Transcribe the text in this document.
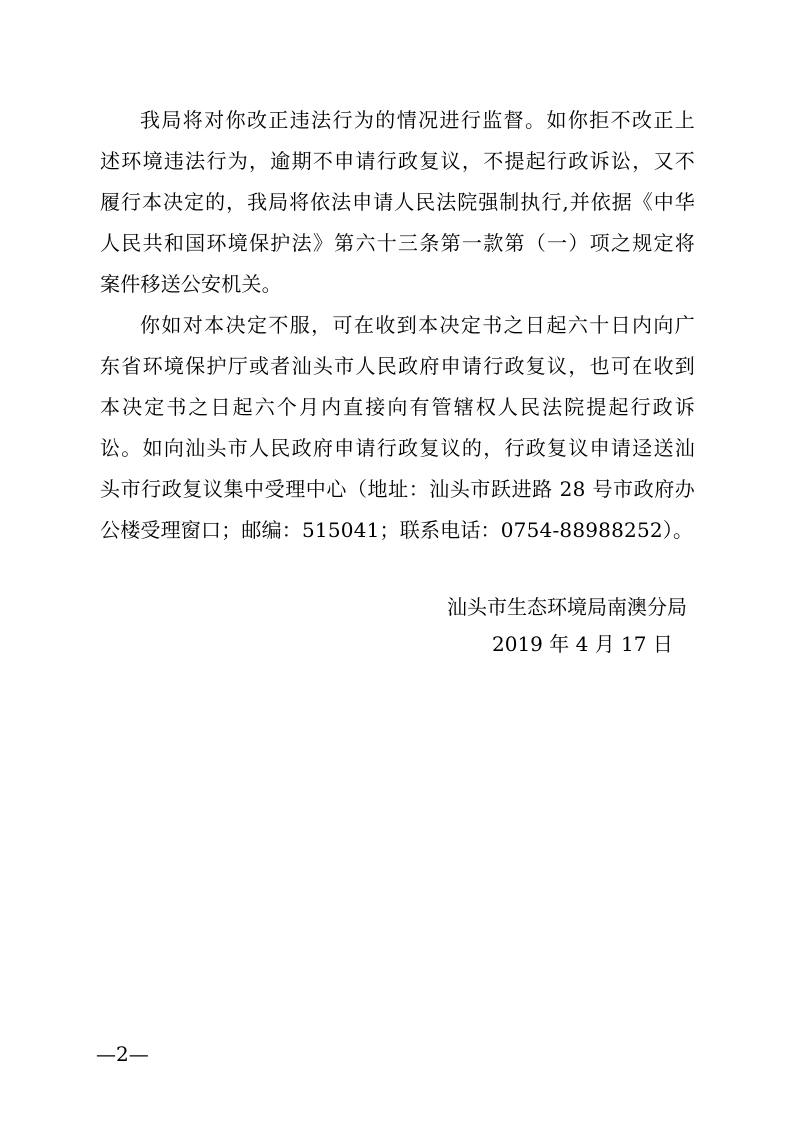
我局将对你改正违法行为的情况进行监督。如你拒不改正上
述环境违法行为，逾期不申请行政复议，不提起行政诉讼，又不
履行本决定的，我局将依法申请人民法院强制执行,并依据《中华
人民共和国环境保护法》第六十三条第一款第（一）项之规定将
案件移送公安机关。
你如对本决定不服，可在收到本决定书之日起六十日内向广
东省环境保护厅或者汕头市人民政府申请行政复议，也可在收到
本决定书之日起六个月内直接向有管辖权人民法院提起行政诉
讼。如向汕头市人民政府申请行政复议的，行政复议申请迳送汕
头市行政复议集中受理中心（地址：汕头市跃进路 28 号市政府办
公楼受理窗口；邮编：515041；联系电话：0754-88988252）。
汕头市生态环境局南澳分局
2019 年 4 月 17 日
—2—
